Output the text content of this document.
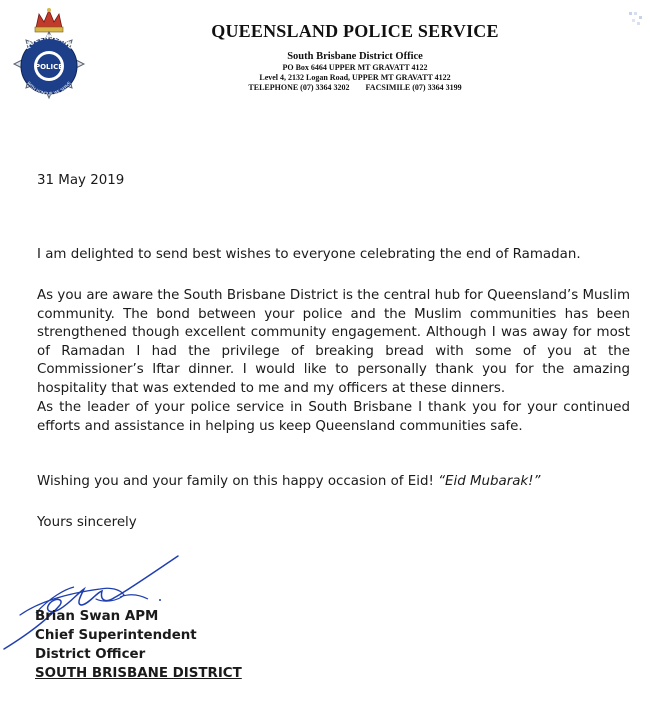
POLICE
QUEENSLAND
WITH HONOUR WE SERVE
QUEENSLAND POLICE SERVICE
South Brisbane District Office
PO Box 6464 UPPER MT GRAVATT 4122
Level 4, 2132 Logan Road, UPPER MT GRAVATT 4122
TELEPHONE (07) 3364 3202 FACSIMILE (07) 3364 3199

31 May 2019

I am delighted to send best wishes to everyone celebrating the end of Ramadan.

As you are aware the South Brisbane District is the central hub for Queensland’s Muslim community. The bond between your police and the Muslim communities has been strengthened though excellent community engagement. Although I was away for most of Ramadan I had the privilege of breaking bread with some of you at the Commissioner’s Iftar dinner. I would like to personally thank you for the amazing hospitality that was extended to me and my officers at these dinners.

As the leader of your police service in South Brisbane I thank you for your continued efforts and assistance in helping us keep Queensland communities safe.

Wishing you and your family on this happy occasion of Eid! “Eid Mubarak!”

Yours sincerely

Brian Swan APM
Chief Superintendent
District Officer
SOUTH BRISBANE DISTRICT
